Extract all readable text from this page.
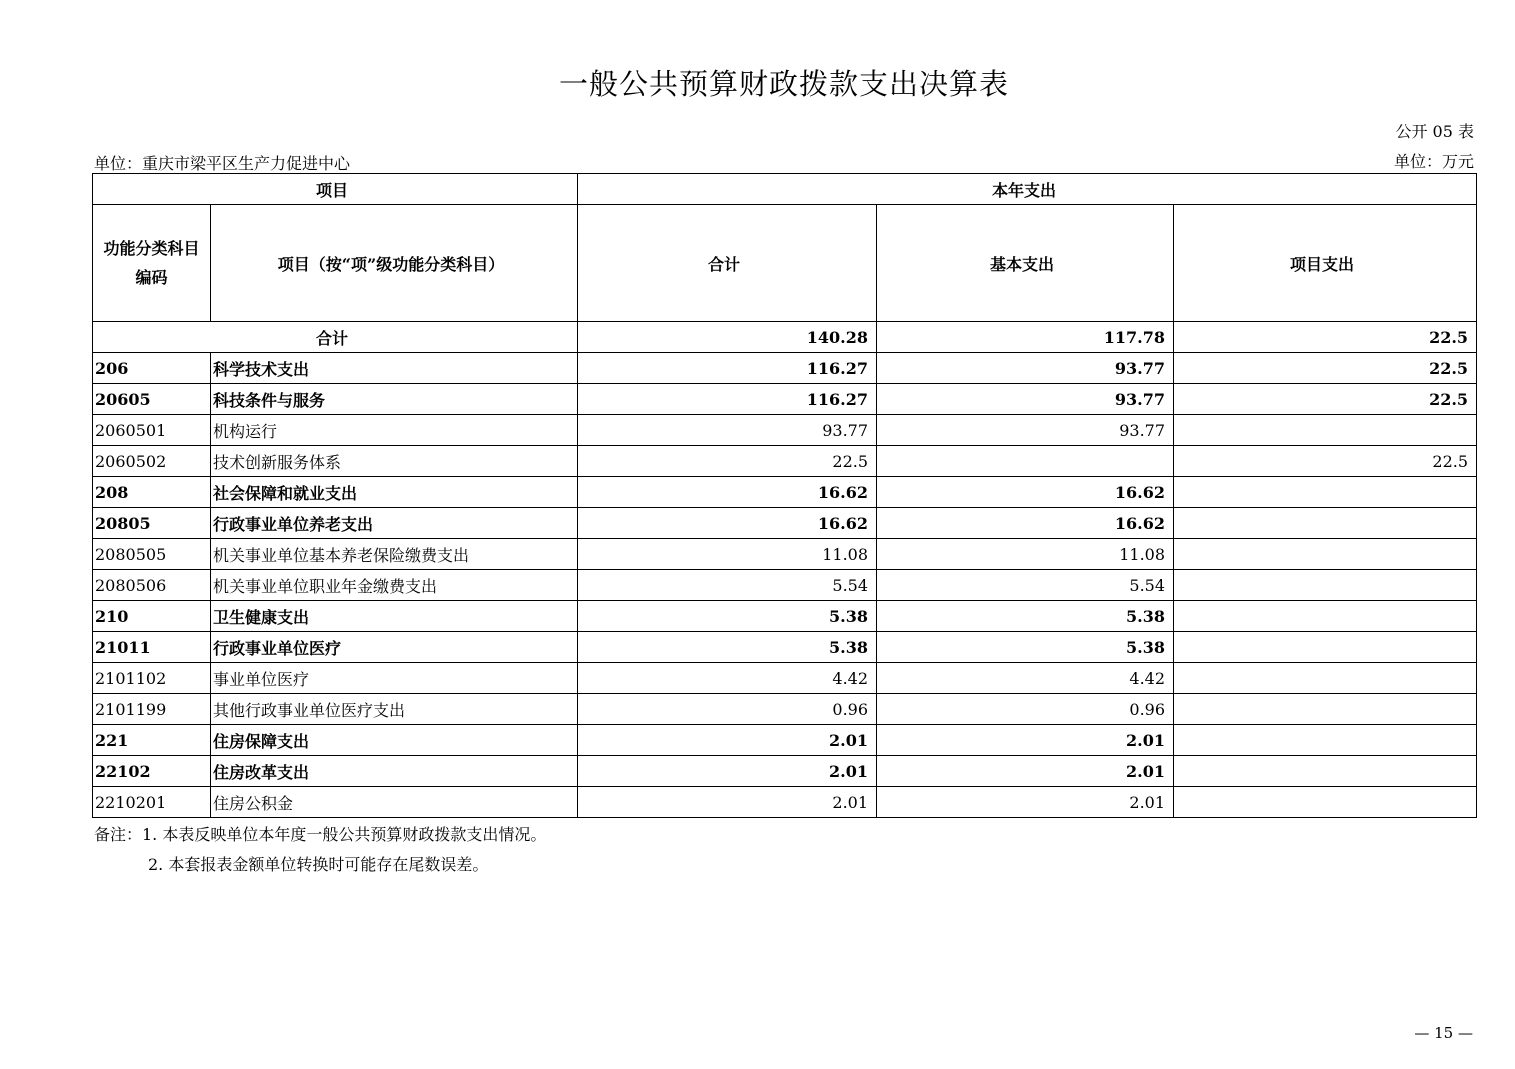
一般公共预算财政拨款支出决算表
公开 05 表
单位：重庆市梁平区生产力促进中心	单位：万元
项目		本年支出		
功能分类科目编码	项目（按“项”级功能分类科目）	合计	基本支出	项目支出
合计		140.28	117.78	22.5
206	科学技术支出	116.27	93.77	22.5
20605	科技条件与服务	116.27	93.77	22.5
2060501	机构运行	93.77	93.77	
2060502	技术创新服务体系	22.5		22.5
208	社会保障和就业支出	16.62	16.62	
20805	行政事业单位养老支出	16.62	16.62	
2080505	机关事业单位基本养老保险缴费支出	11.08	11.08	
2080506	机关事业单位职业年金缴费支出	5.54	5.54	
210	卫生健康支出	5.38	5.38	
21011	行政事业单位医疗	5.38	5.38	
2101102	事业单位医疗	4.42	4.42	
2101199	其他行政事业单位医疗支出	0.96	0.96	
221	住房保障支出	2.01	2.01	
22102	住房改革支出	2.01	2.01	
2210201	住房公积金	2.01	2.01	
备注：1. 本表反映单位本年度一般公共预算财政拨款支出情况。
2. 本套报表金额单位转换时可能存在尾数误差。
— 15 —
